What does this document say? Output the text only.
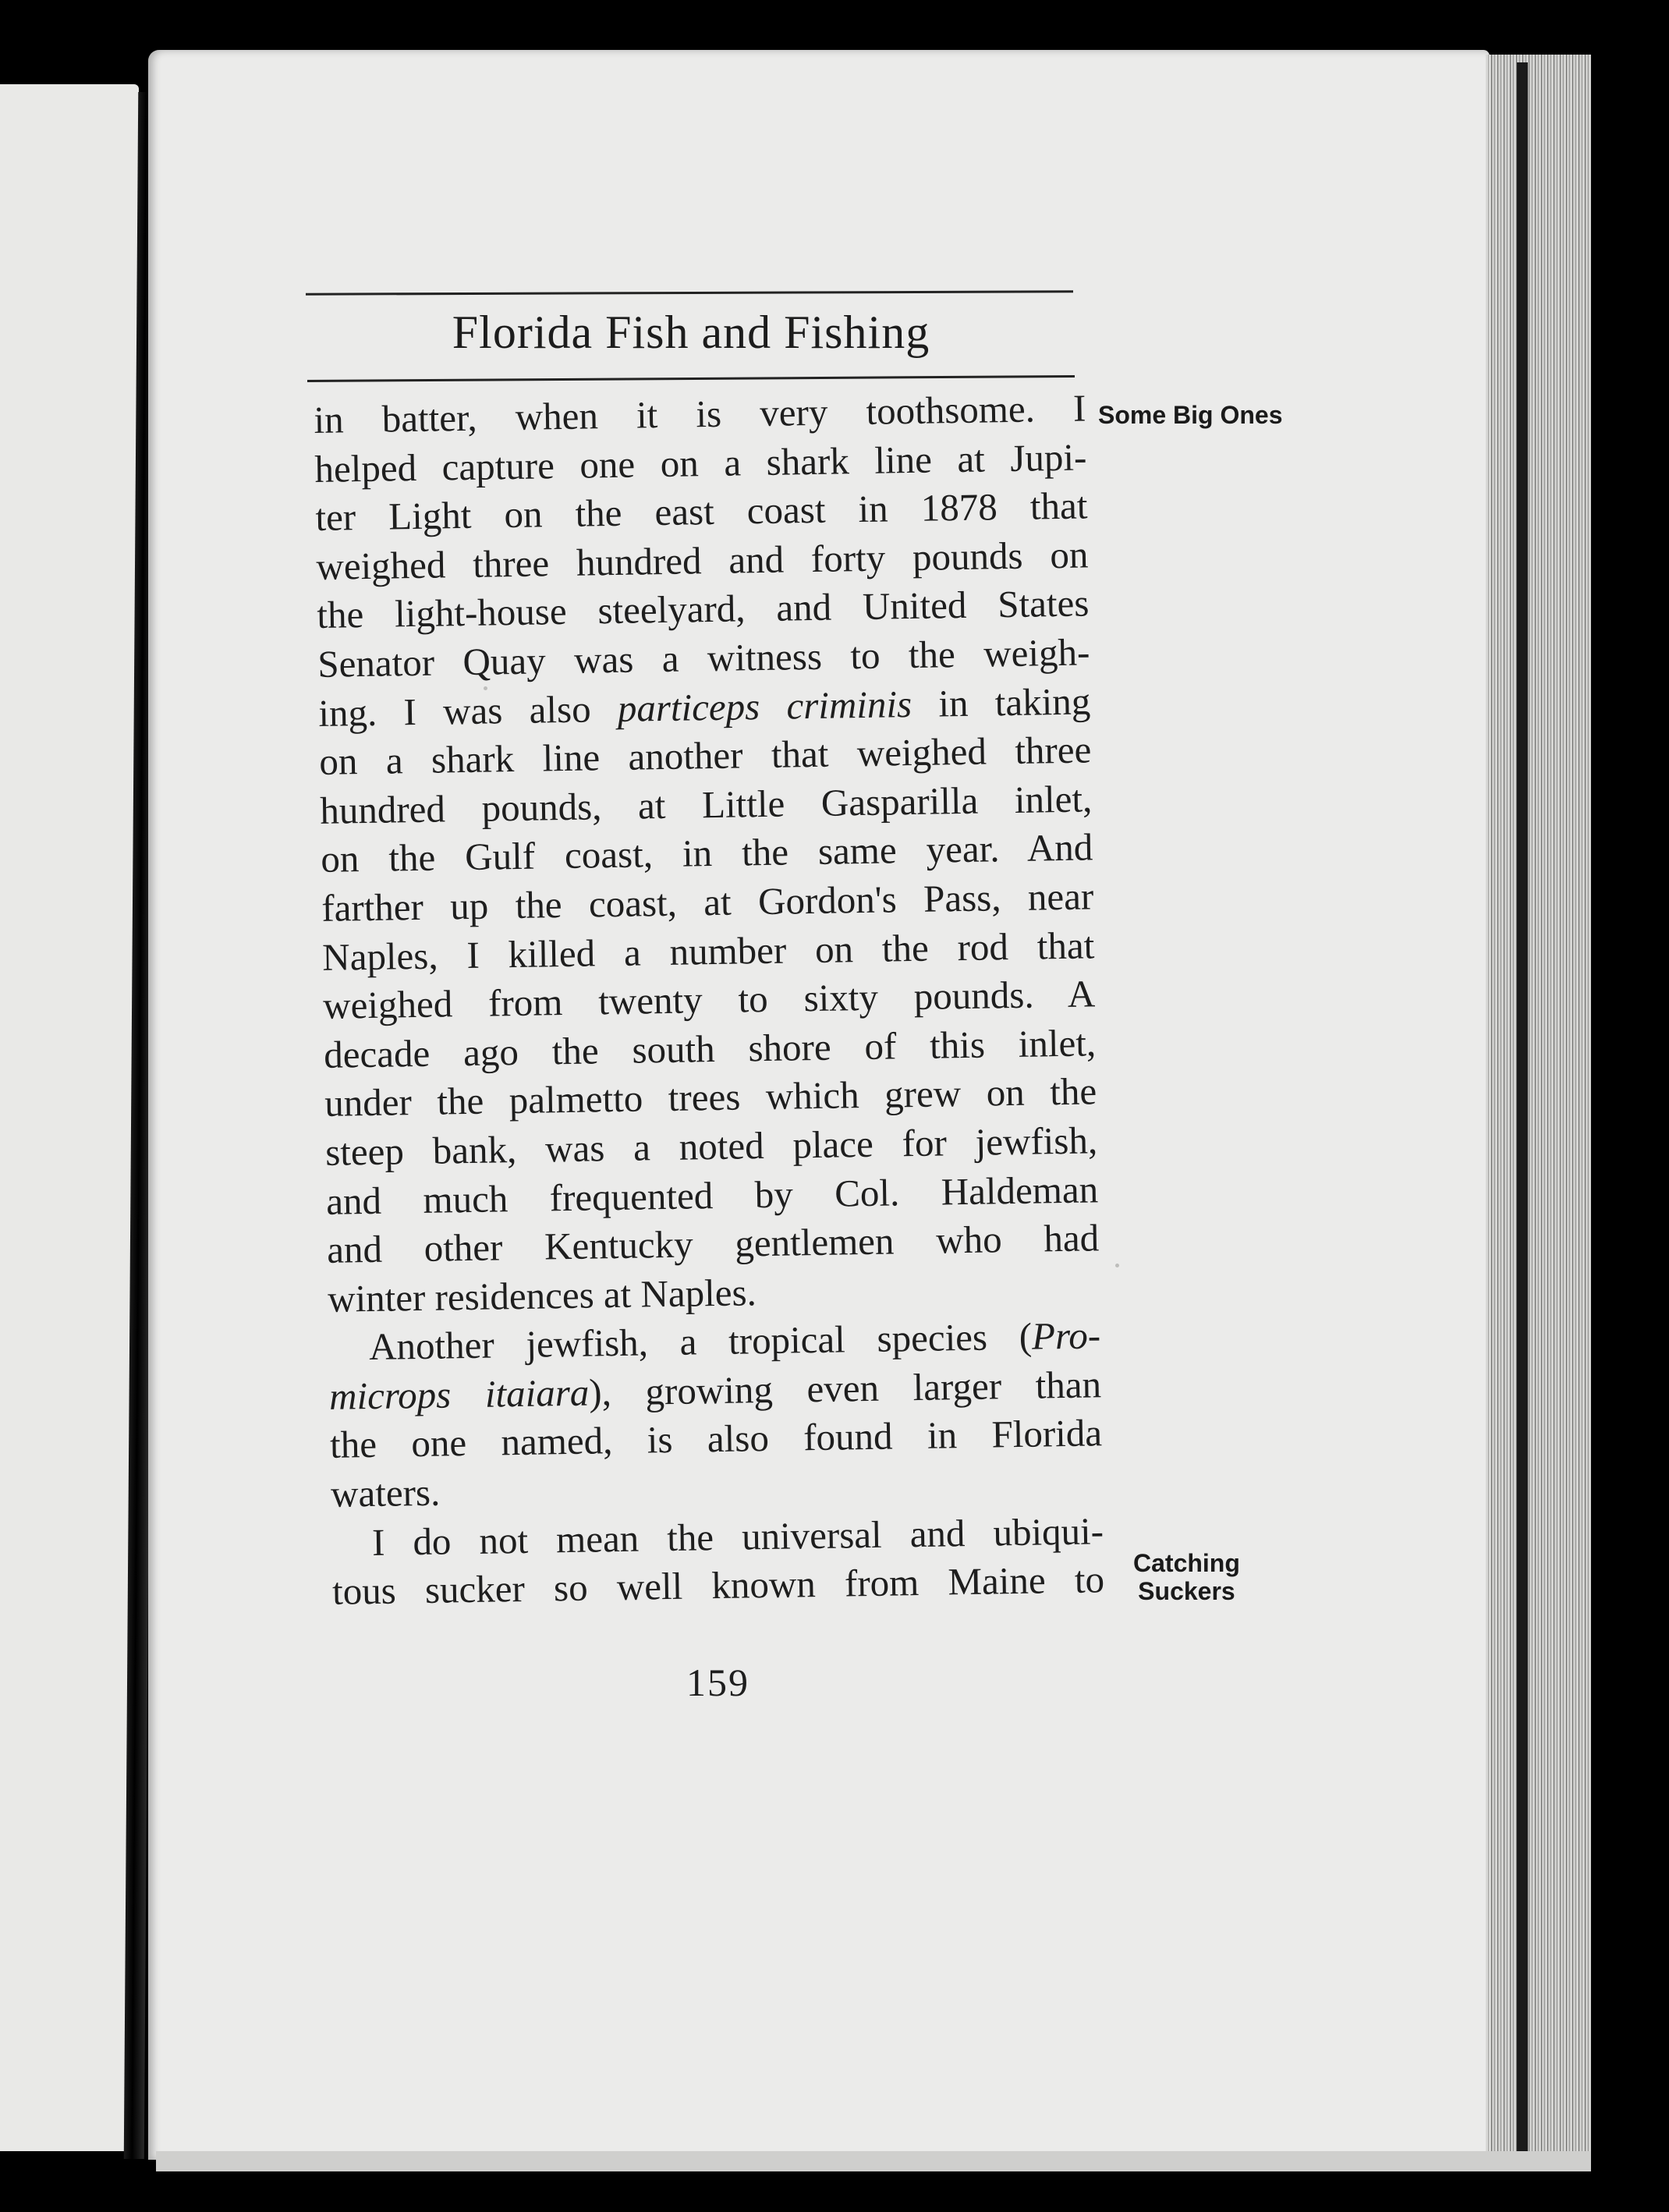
Florida Fish and Fishing
in batter, when it is very toothsome. I
helped capture one on a shark line at Jupi-
ter Light on the east coast in 1878 that
weighed three hundred and forty pounds on
the light-house steelyard, and United States
Senator Quay was a witness to the weigh-
ing. I was also particeps criminis in taking
on a shark line another that weighed three
hundred pounds, at Little Gasparilla inlet,
on the Gulf coast, in the same year. And
farther up the coast, at Gordon's Pass, near
Naples, I killed a number on the rod that
weighed from twenty to sixty pounds. A
decade ago the south shore of this inlet,
under the palmetto trees which grew on the
steep bank, was a noted place for jewfish,
and much frequented by Col. Haldeman
and other Kentucky gentlemen who had
winter residences at Naples.
Another jewfish, a tropical species (Pro-
microps itaiara), growing even larger than
the one named, is also found in Florida
waters.
I do not mean the universal and ubiqui-
tous sucker so well known from Maine to
Some Big Ones
Catching
Suckers
159
